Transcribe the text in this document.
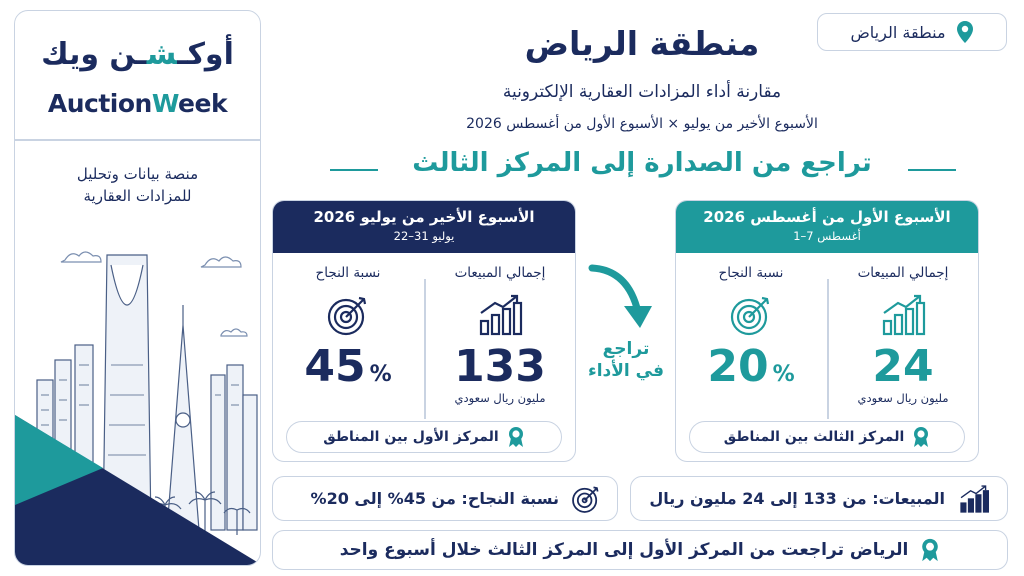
أوكـشـن ويك
AuctionWeek
منصة بيانات وتحليل
للمزادات العقارية
منطقة الرياض
منطقة الرياض
مقارنة أداء المزادات العقارية الإلكترونية
الأسبوع الأخير من يوليو × الأسبوع الأول من أغسطس 2026
تراجع من الصدارة إلى المركز الثالث
الأسبوع الأخير من يوليو 2026
22–31 يوليو
إجمالي المبيعات
133
مليون ريال سعودي
نسبة النجاح
45 %
المركز الأول بين المناطق
تراجع
في الأداء
الأسبوع الأول من أغسطس 2026
1–7 أغسطس
إجمالي المبيعات
24
مليون ريال سعودي
نسبة النجاح
20 %
المركز الثالث بين المناطق
المبيعات: من 133 إلى 24 مليون ريال
نسبة النجاح: من 45% إلى 20%
الرياض تراجعت من المركز الأول إلى المركز الثالث خلال أسبوع واحد
